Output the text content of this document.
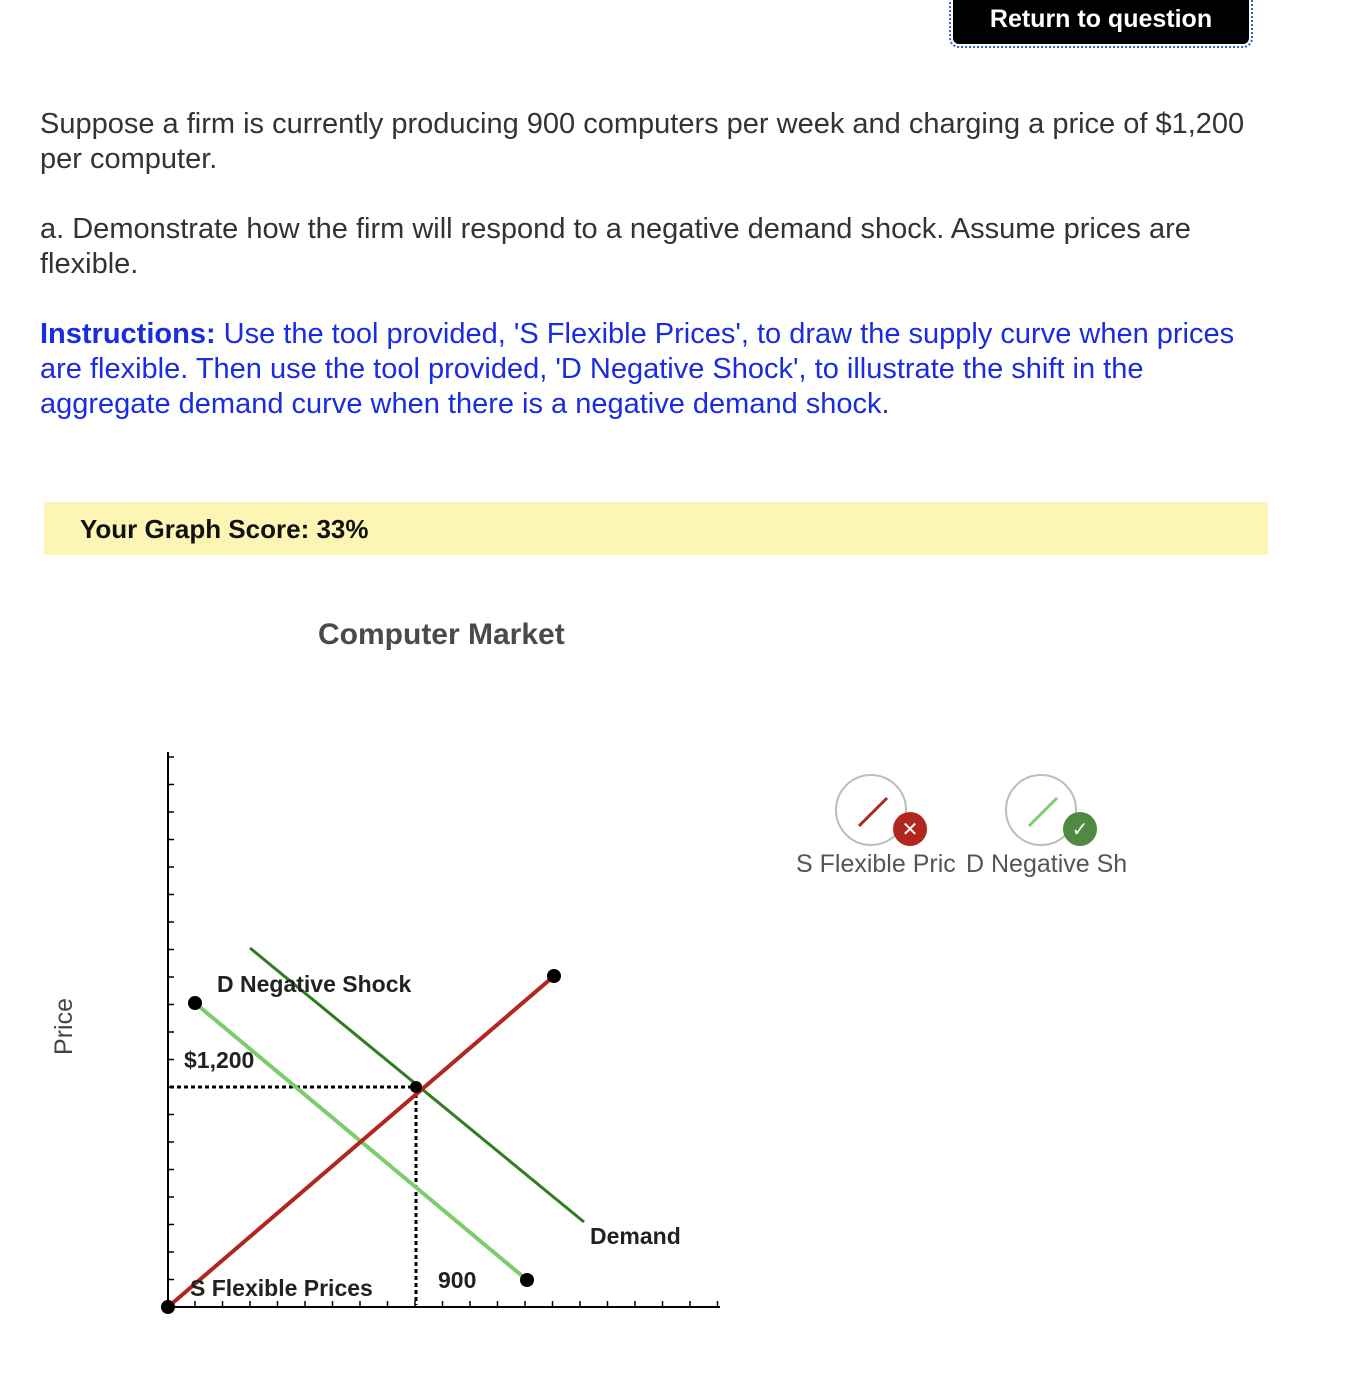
Return to question

Suppose a firm is currently producing 900 computers per week and charging a price of $1,200 per computer.

a. Demonstrate how the firm will respond to a negative demand shock. Assume prices are flexible.

Instructions: Use the tool provided, 'S Flexible Prices', to draw the supply curve when prices are flexible. Then use the tool provided, 'D Negative Shock', to illustrate the shift in the aggregate demand curve when there is a negative demand shock.

Your Graph Score: 33%
Computer Market
Price
D Negative Shock
$1,200
Demand
900
S Flexible Prices
✕
S Flexible Pric
✓
D Negative Sh
